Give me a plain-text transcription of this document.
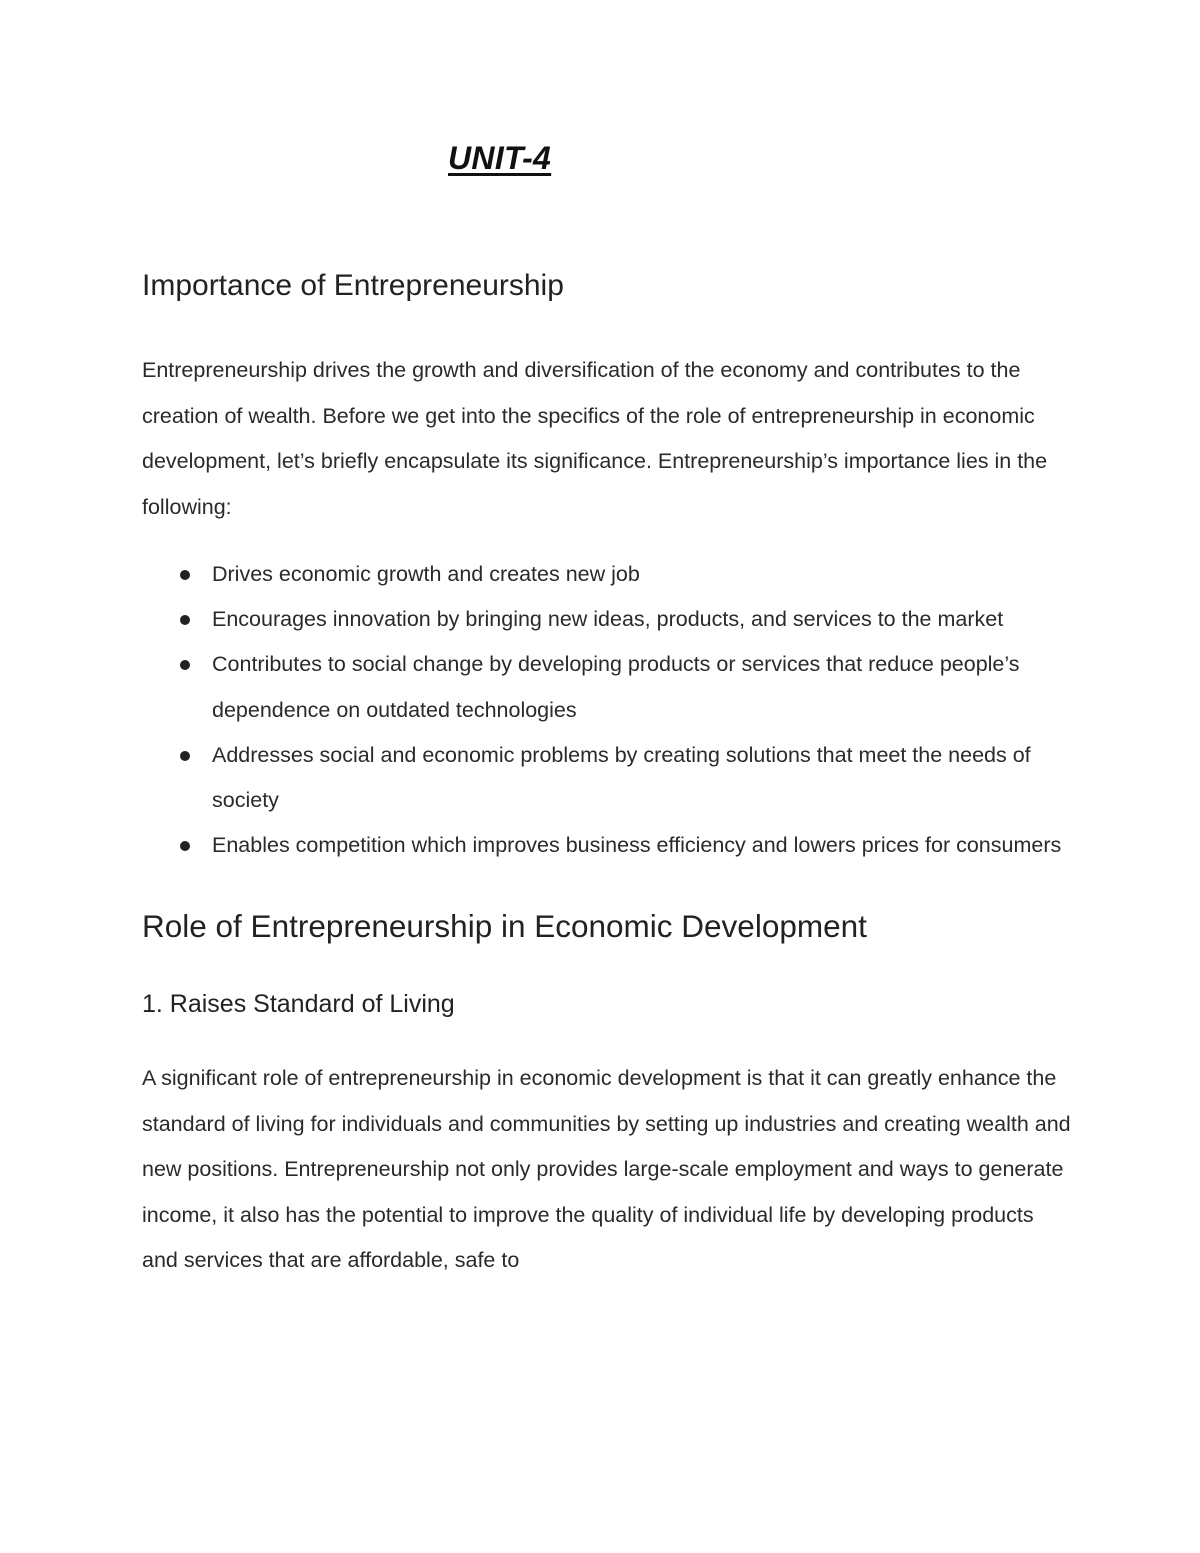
UNIT-4
Importance of Entrepreneurship

Entrepreneurship drives the growth and diversification of the economy and contributes to the creation of wealth. Before we get into the specifics of the role of entrepreneurship in economic development, let’s briefly encapsulate its significance. Entrepreneurship’s importance lies in the following:

Drives economic growth and creates new job
Encourages innovation by bringing new ideas, products, and services to the market
Contributes to social change by developing products or services that reduce people’s dependence on outdated technologies
Addresses social and economic problems by creating solutions that meet the needs of society
Enables competition which improves business efficiency and lowers prices for consumers
Role of Entrepreneurship in Economic Development
1. Raises Standard of Living

A significant role of entrepreneurship in economic development is that it can greatly enhance the standard of living for individuals and communities by setting up industries and creating wealth and new positions. Entrepreneurship not only provides large-scale employment and ways to generate income, it also has the potential to improve the quality of individual life by developing products and services that are affordable, safe to
